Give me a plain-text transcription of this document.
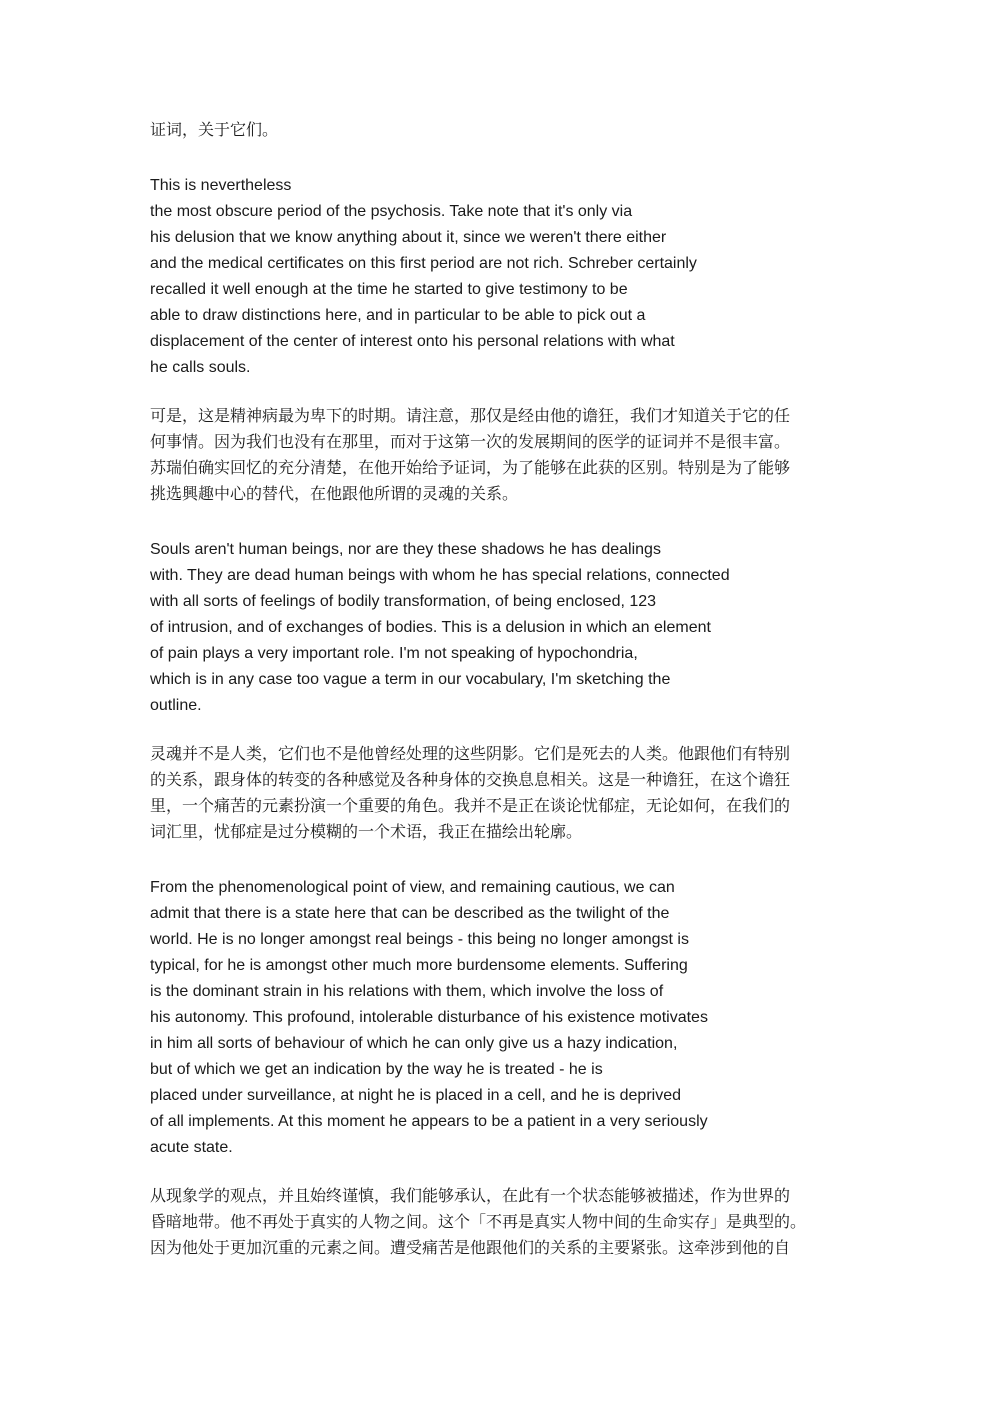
证词，关于它们。
This is nevertheless
the most obscure period of the psychosis. Take note that it's only via
his delusion that we know anything about it, since we weren't there either
and the medical certificates on this first period are not rich. Schreber certainly
recalled it well enough at the time he started to give testimony to be
able to draw distinctions here, and in particular to be able to pick out a
displacement of the center of interest onto his personal relations with what
he calls souls.
可是，这是精神病最为卑下的时期。请注意，那仅是经由他的谵狂，我们才知道关于它的任
何事情。因为我们也没有在那里，而对于这第一次的发展期间的医学的证词并不是很丰富。
苏瑞伯确实回忆的充分清楚，在他开始给予证词，为了能够在此获的区别。特别是为了能够
挑选興趣中心的替代，在他跟他所谓的灵魂的关系。
Souls aren't human beings, nor are they these shadows he has dealings
with. They are dead human beings with whom he has special relations, connected
with all sorts of feelings of bodily transformation, of being enclosed, 123
of intrusion, and of exchanges of bodies. This is a delusion in which an element
of pain plays a very important role. I'm not speaking of hypochondria,
which is in any case too vague a term in our vocabulary, I'm sketching the
outline.
灵魂并不是人类，它们也不是他曾经处理的这些阴影。它们是死去的人类。他跟他们有特别
的关系，跟身体的转变的各种感觉及各种身体的交换息息相关。这是一种谵狂，在这个谵狂
里，一个痛苦的元素扮演一个重要的角色。我并不是正在谈论忧郁症，无论如何，在我们的
词汇里，忧郁症是过分模糊的一个术语，我正在描绘出轮廓。
From the phenomenological point of view, and remaining cautious, we can
admit that there is a state here that can be described as the twilight of the
world. He is no longer amongst real beings - this being no longer amongst is
typical, for he is amongst other much more burdensome elements. Suffering
is the dominant strain in his relations with them, which involve the loss of
his autonomy. This profound, intolerable disturbance of his existence motivates
in him all sorts of behaviour of which he can only give us a hazy indication,
but of which we get an indication by the way he is treated - he is
placed under surveillance, at night he is placed in a cell, and he is deprived
of all implements. At this moment he appears to be a patient in a very seriously
acute state.
从现象学的观点，并且始终谨慎，我们能够承认，在此有一个状态能够被描述，作为世界的
昏暗地带。他不再处于真实的人物之间。这个「不再是真实人物中间的生命实存」是典型的。
因为他处于更加沉重的元素之间。遭受痛苦是他跟他们的关系的主要紧张。这牵涉到他的自
